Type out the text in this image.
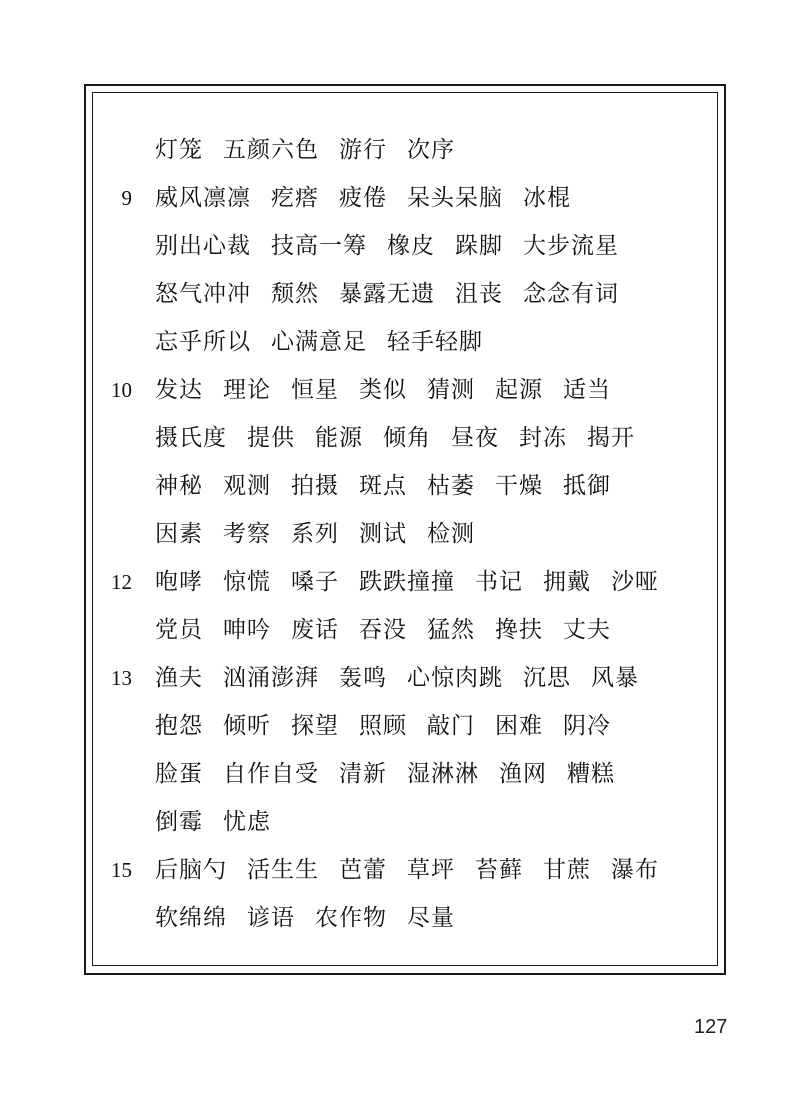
灯笼 五颜六色 游行 次序
9 威风凛凛 疙瘩 疲倦 呆头呆脑 冰棍
别出心裁 技高一筹 橡皮 跺脚 大步流星
怒气冲冲 颓然 暴露无遗 沮丧 念念有词
忘乎所以 心满意足 轻手轻脚
10 发达 理论 恒星 类似 猜测 起源 适当
摄氏度 提供 能源 倾角 昼夜 封冻 揭开
神秘 观测 拍摄 斑点 枯萎 干燥 抵御
因素 考察 系列 测试 检测
12 咆哮 惊慌 嗓子 跌跌撞撞 书记 拥戴 沙哑
党员 呻吟 废话 吞没 猛然 搀扶 丈夫
13 渔夫 汹涌澎湃 轰鸣 心惊肉跳 沉思 风暴
抱怨 倾听 探望 照顾 敲门 困难 阴冷
脸蛋 自作自受 清新 湿淋淋 渔网 糟糕
倒霉 忧虑
15 后脑勺 活生生 芭蕾 草坪 苔藓 甘蔗 瀑布
软绵绵 谚语 农作物 尽量
127
